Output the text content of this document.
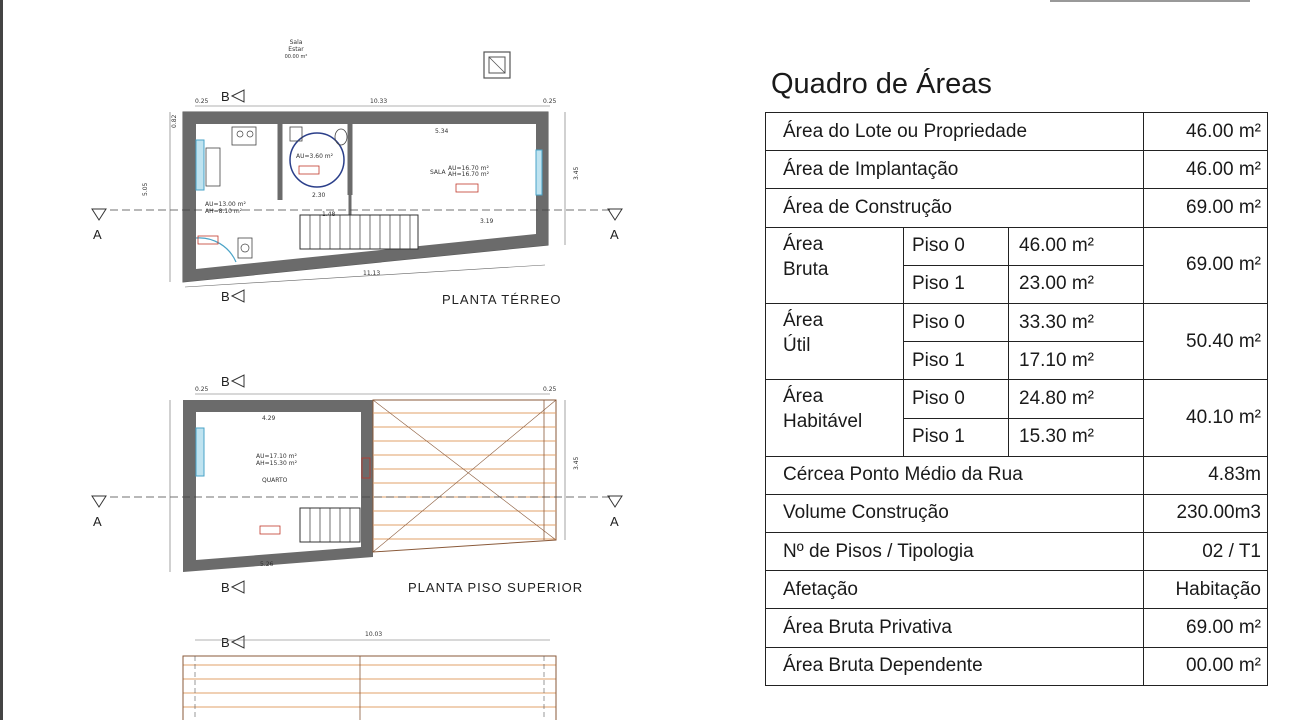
Sala
Estar
00.00 m²
B
B
0.25	10.33	0.25
A	A
0.82
5.05
3.45
11.13
5.34
SALA
AU=16.70 m²
AH=16.70 m²
AU=3.60 m²
AU=13.00 m²
AH=8.10 m²	1.48
2.30
3.19
PLANTA TÉRREO
B
B
0.25	0.25
A	A
4.29
5.26
3.45
AU=17.10 m²
AH=15.30 m²
QUARTO
PLANTA PISO SUPERIOR
B
10.03
Quadro de Áreas
Área do Lote ou Propriedade			46.00 m²
Área de Implantação			46.00 m²
Área de Construção			69.00 m²
Área
Bruta	Piso 0	46.00 m²	69.00 m²
	Piso 1	23.00 m²	
Área
Útil	Piso 0	33.30 m²	50.40 m²
	Piso 1	17.10 m²	
Área
Habitável	Piso 0	24.80 m²	40.10 m²
	Piso 1	15.30 m²	
Cércea Ponto Médio da Rua			4.83m
Volume Construção			230.00m3
Nº de Pisos / Tipologia			02 / T1
Afetação			Habitação
Área Bruta Privativa			69.00 m²
Área Bruta Dependente			00.00 m²
